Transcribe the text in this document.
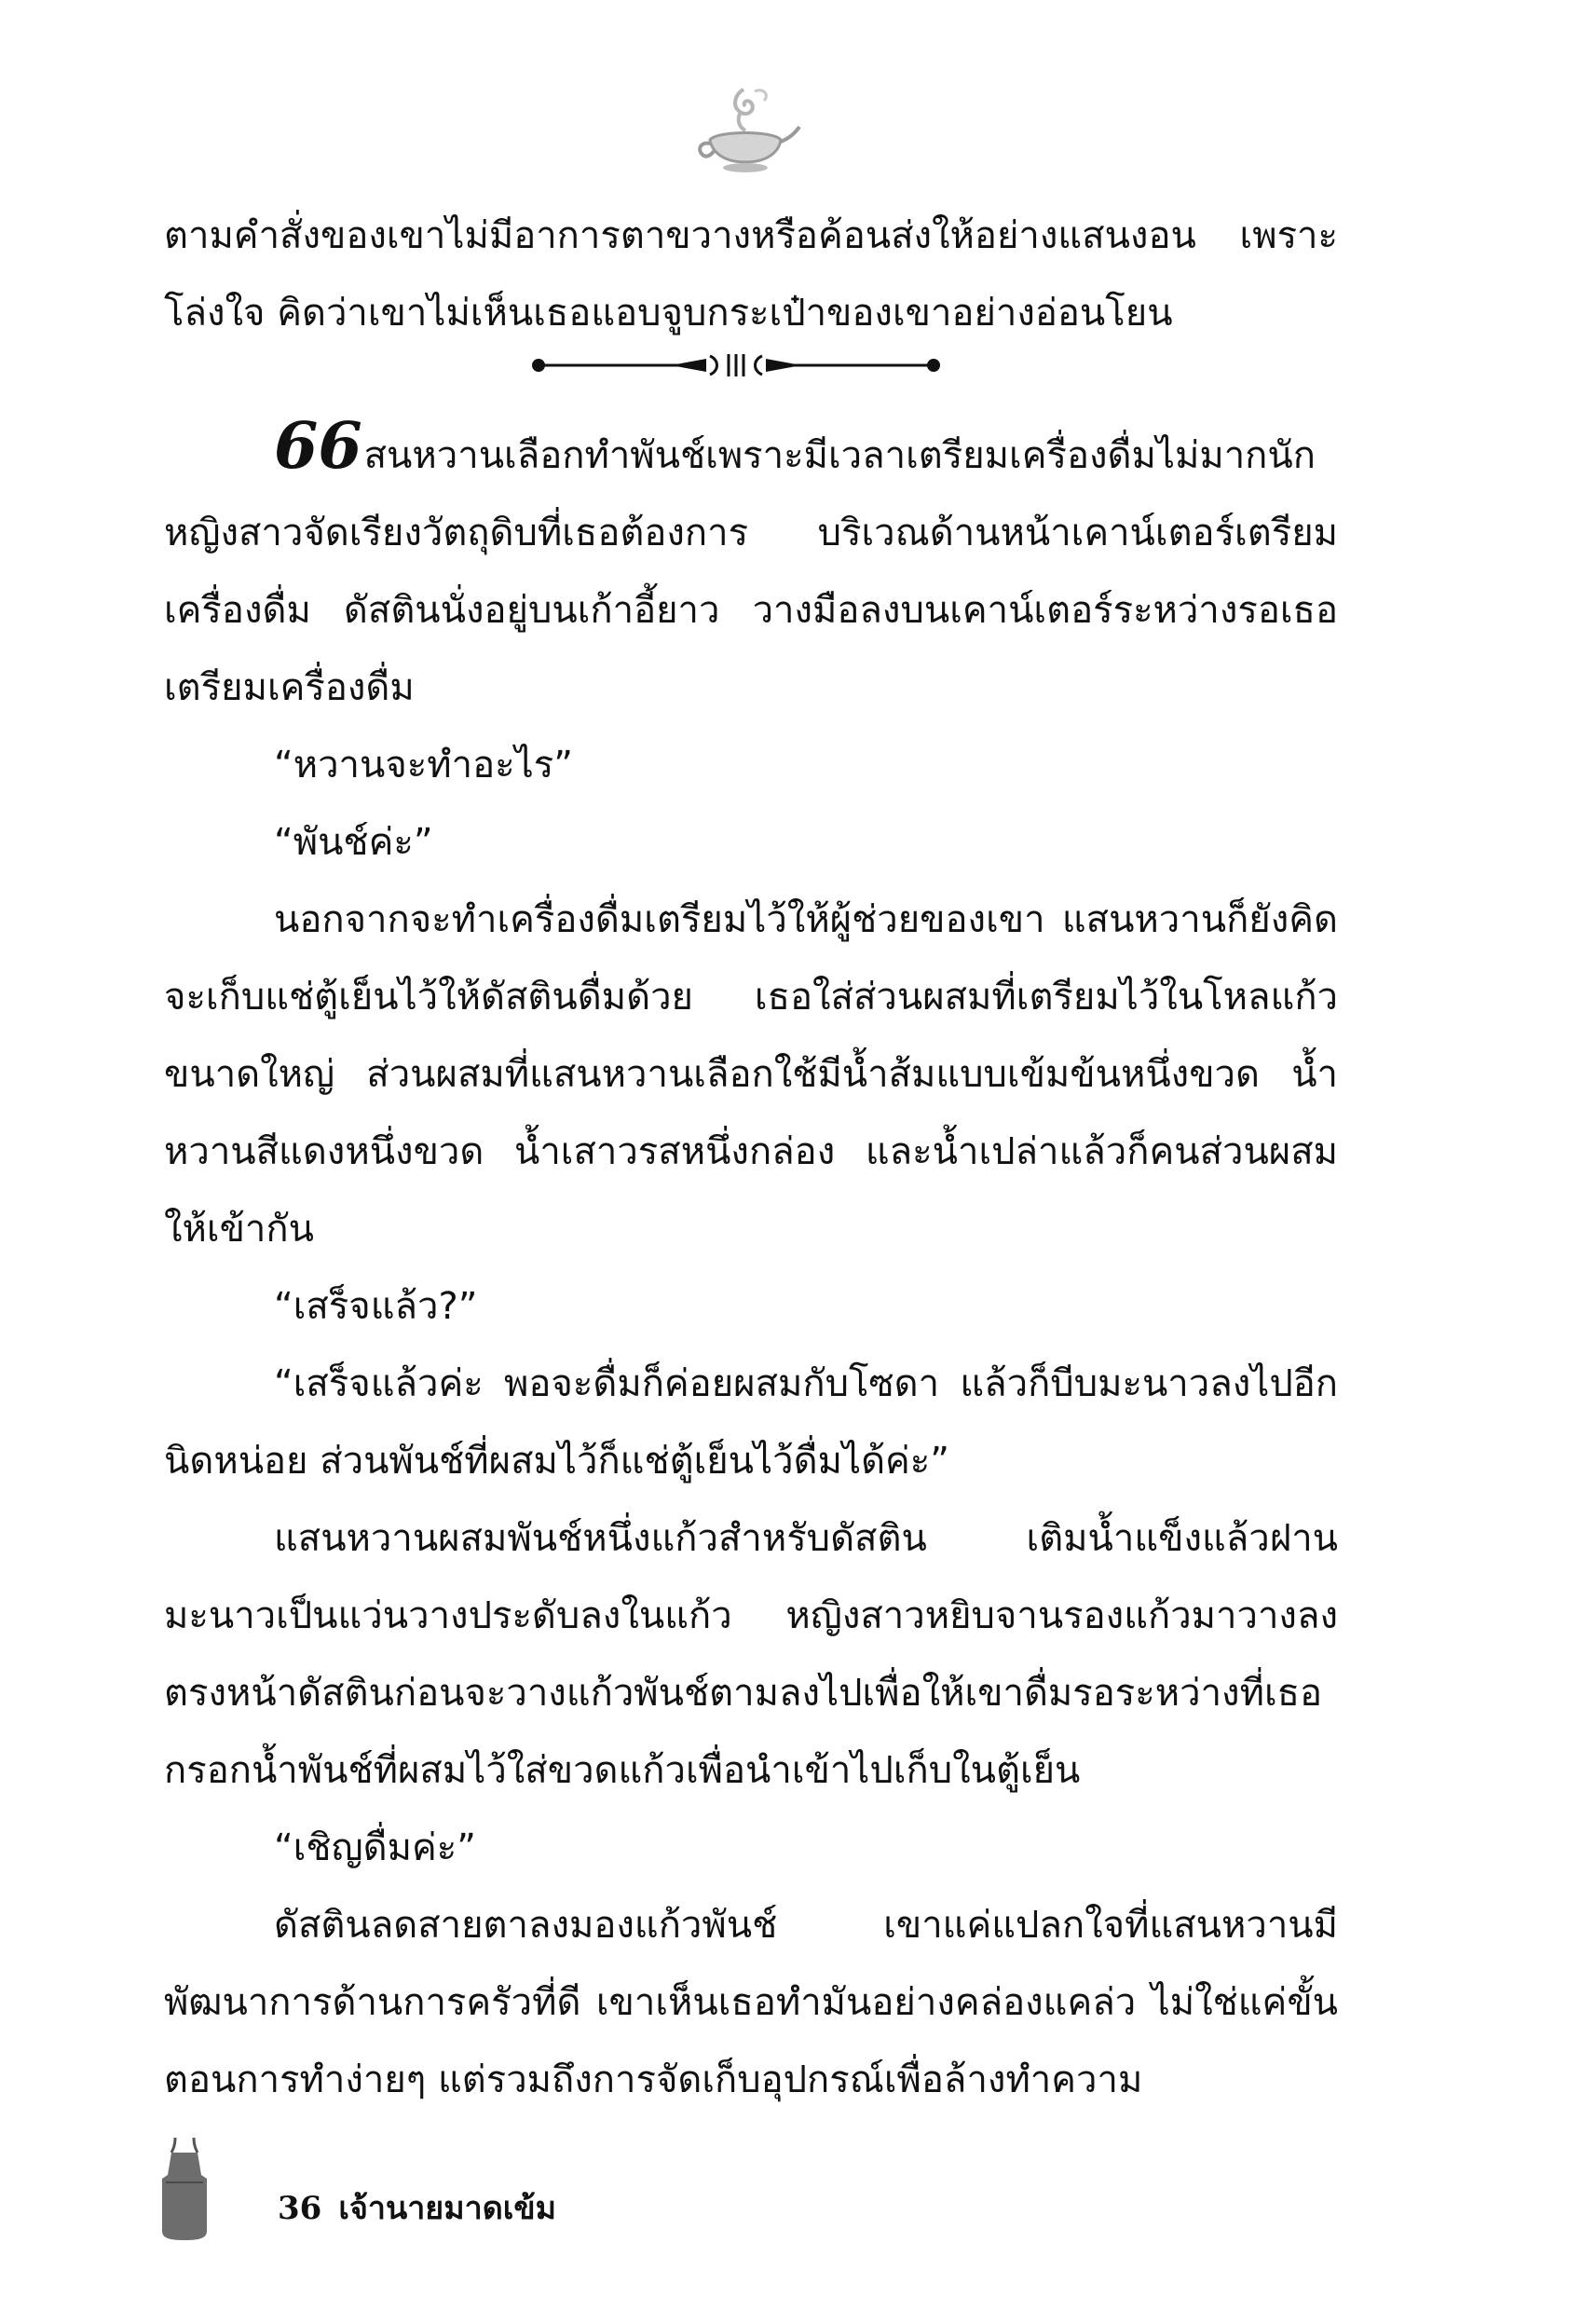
ตามคำสั่งของเขาไม่มีอาการตาขวางหรือค้อนส่งให้อย่างแสนงอน เพราะโล่งใจ คิดว่าเขาไม่เห็นเธอแอบจูบกระเป๋าของเขาอย่างอ่อนโยน

66สนหวานเลือกทำพันช์เพราะมีเวลาเตรียมเครื่องดื่มไม่มากนัก หญิงสาวจัดเรียงวัตถุดิบที่เธอต้องการ บริเวณด้านหน้าเคาน์เตอร์เตรียมเครื่องดื่ม ดัสตินนั่งอยู่บนเก้าอี้ยาว วางมือลงบนเคาน์เตอร์ระหว่างรอเธอเตรียมเครื่องดื่ม

“หวานจะทำอะไร”

“พันช์ค่ะ”

นอกจากจะทำเครื่องดื่มเตรียมไว้ให้ผู้ช่วยของเขา แสนหวานก็ยังคิดจะเก็บแช่ตู้เย็นไว้ให้ดัสตินดื่มด้วย เธอใส่ส่วนผสมที่เตรียมไว้ในโหลแก้วขนาดใหญ่ ส่วนผสมที่แสนหวานเลือกใช้มีน้ำส้มแบบเข้มข้นหนึ่งขวด น้ำหวานสีแดงหนึ่งขวด น้ำเสาวรสหนึ่งกล่อง และน้ำเปล่าแล้วก็คนส่วนผสมให้เข้ากัน

“เสร็จแล้ว?”

“เสร็จแล้วค่ะ พอจะดื่มก็ค่อยผสมกับโซดา แล้วก็บีบมะนาวลงไปอีกนิดหน่อย ส่วนพันช์ที่ผสมไว้ก็แช่ตู้เย็นไว้ดื่มได้ค่ะ”

แสนหวานผสมพันช์หนึ่งแก้วสำหรับดัสติน เติมน้ำแข็งแล้วฝานมะนาวเป็นแว่นวางประดับลงในแก้ว หญิงสาวหยิบจานรองแก้วมาวางลงตรงหน้าดัสตินก่อนจะวางแก้วพันช์ตามลงไปเพื่อให้เขาดื่มรอระหว่างที่เธอกรอกน้ำพันช์ที่ผสมไว้ใส่ขวดแก้วเพื่อนำเข้าไปเก็บในตู้เย็น

“เชิญดื่มค่ะ”

ดัสตินลดสายตาลงมองแก้วพันช์ เขาแค่แปลกใจที่แสนหวานมีพัฒนาการด้านการครัวที่ดี เขาเห็นเธอทำมันอย่างคล่องแคล่ว ไม่ใช่แค่ขั้นตอนการทำง่ายๆ แต่รวมถึงการจัดเก็บอุปกรณ์เพื่อล้างทำความ

36 เจ้านายมาดเข้ม
